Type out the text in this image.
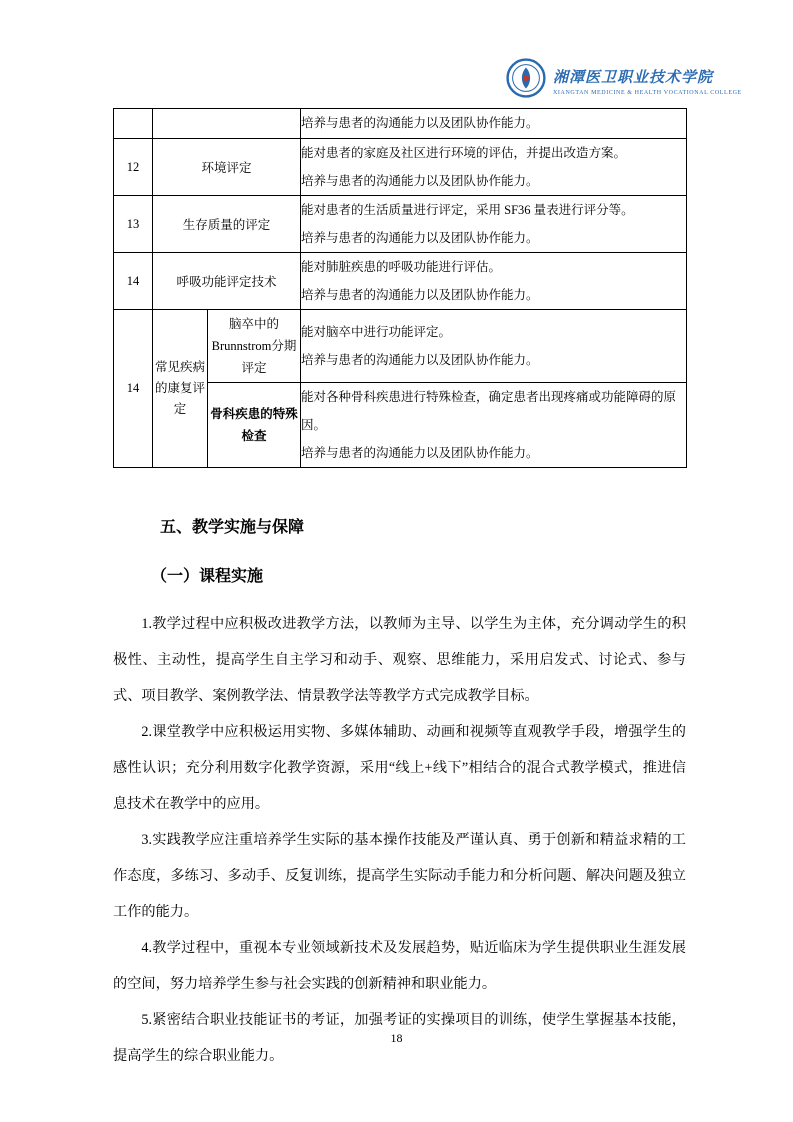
湘潭医卫职业技术学院
XIANGTAN MEDICINE & HEALTH VOCATIONAL COLLEGE

			培养与患者的沟通能力以及团队协作能力。

12	环境评定		能对患者的家庭及社区进行环境的评估，并提出改造方案。
培养与患者的沟通能力以及团队协作能力。

13	生存质量的评定		能对患者的生活质量进行评定，采用 SF36 量表进行评分等。
培养与患者的沟通能力以及团队协作能力。

14	呼吸功能评定技术		能对肺脏疾患的呼吸功能进行评估。
培养与患者的沟通能力以及团队协作能力。

14	常见疾病的康复评定	脑卒中的Brunnstrom分期评定	能对脑卒中进行功能评定。
培养与患者的沟通能力以及团队协作能力。

		骨科疾患的特殊检查	能对各种骨科疾患进行特殊检查，确定患者出现疼痛或功能障碍的原因。
培养与患者的沟通能力以及团队协作能力。
五、教学实施与保障
（一）课程实施

1.教学过程中应积极改进教学方法，以教师为主导、以学生为主体，充分调动学生的积极性、主动性，提高学生自主学习和动手、观察、思维能力，采用启发式、讨论式、参与式、项目教学、案例教学法、情景教学法等教学方式完成教学目标。

2.课堂教学中应积极运用实物、多媒体辅助、动画和视频等直观教学手段，增强学生的感性认识；充分利用数字化教学资源，采用“线上+线下”相结合的混合式教学模式，推进信息技术在教学中的应用。

3.实践教学应注重培养学生实际的基本操作技能及严谨认真、勇于创新和精益求精的工作态度，多练习、多动手、反复训练，提高学生实际动手能力和分析问题、解决问题及独立工作的能力。

4.教学过程中，重视本专业领域新技术及发展趋势，贴近临床为学生提供职业生涯发展的空间，努力培养学生参与社会实践的创新精神和职业能力。

5.紧密结合职业技能证书的考证，加强考证的实操项目的训练，使学生掌握基本技能，提高学生的综合职业能力。

18
